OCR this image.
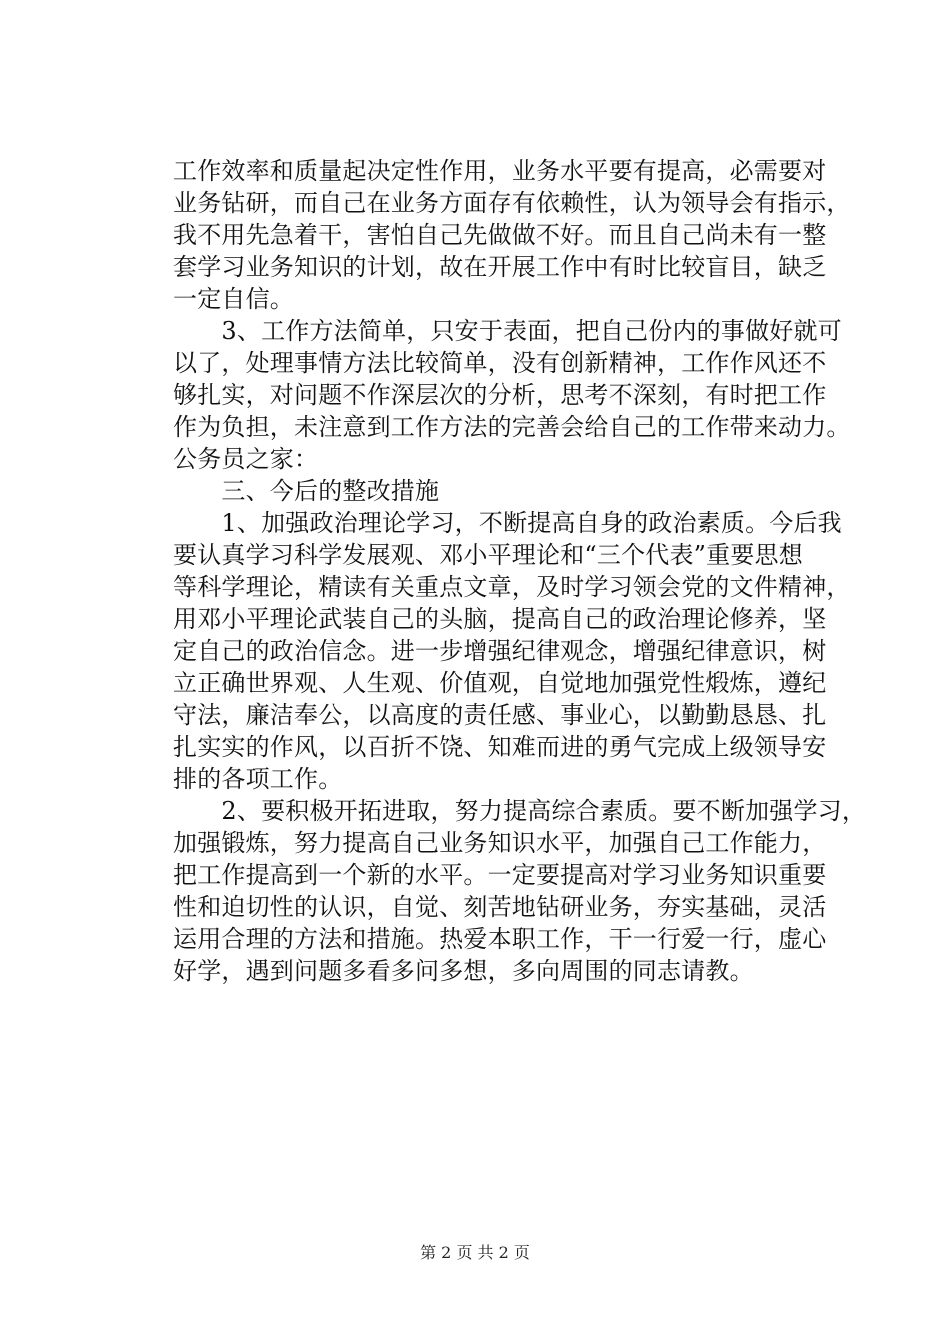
工作效率和质量起决定性作用，业务水平要有提高，必需要对
业务钻研，而自己在业务方面存有依赖性，认为领导会有指示，
我不用先急着干，害怕自己先做做不好。而且自己尚未有一整
套学习业务知识的计划，故在开展工作中有时比较盲目，缺乏
一定自信。
　　3、工作方法简单，只安于表面，把自己份内的事做好就可
以了，处理事情方法比较简单，没有创新精神，工作作风还不
够扎实，对问题不作深层次的分析，思考不深刻，有时把工作
作为负担，未注意到工作方法的完善会给自己的工作带来动力。
公务员之家：
　　三、今后的整改措施
　　1、加强政治理论学习，不断提高自身的政治素质。今后我
要认真学习科学发展观、邓小平理论和“三个代表”重要思想
等科学理论，精读有关重点文章，及时学习领会党的文件精神，
用邓小平理论武装自己的头脑，提高自己的政治理论修养，坚
定自己的政治信念。进一步增强纪律观念，增强纪律意识，树
立正确世界观、人生观、价值观，自觉地加强党性煅炼，遵纪
守法，廉洁奉公，以高度的责任感、事业心，以勤勤恳恳、扎
扎实实的作风，以百折不饶、知难而进的勇气完成上级领导安
排的各项工作。
　　2、要积极开拓进取，努力提高综合素质。要不断加强学习，
加强锻炼，努力提高自己业务知识水平，加强自己工作能力，
把工作提高到一个新的水平。一定要提高对学习业务知识重要
性和迫切性的认识，自觉、刻苦地钻研业务，夯实基础，灵活
运用合理的方法和措施。热爱本职工作，干一行爱一行，虚心
好学，遇到问题多看多问多想，多向周围的同志请教。
第 2 页 共 2 页
